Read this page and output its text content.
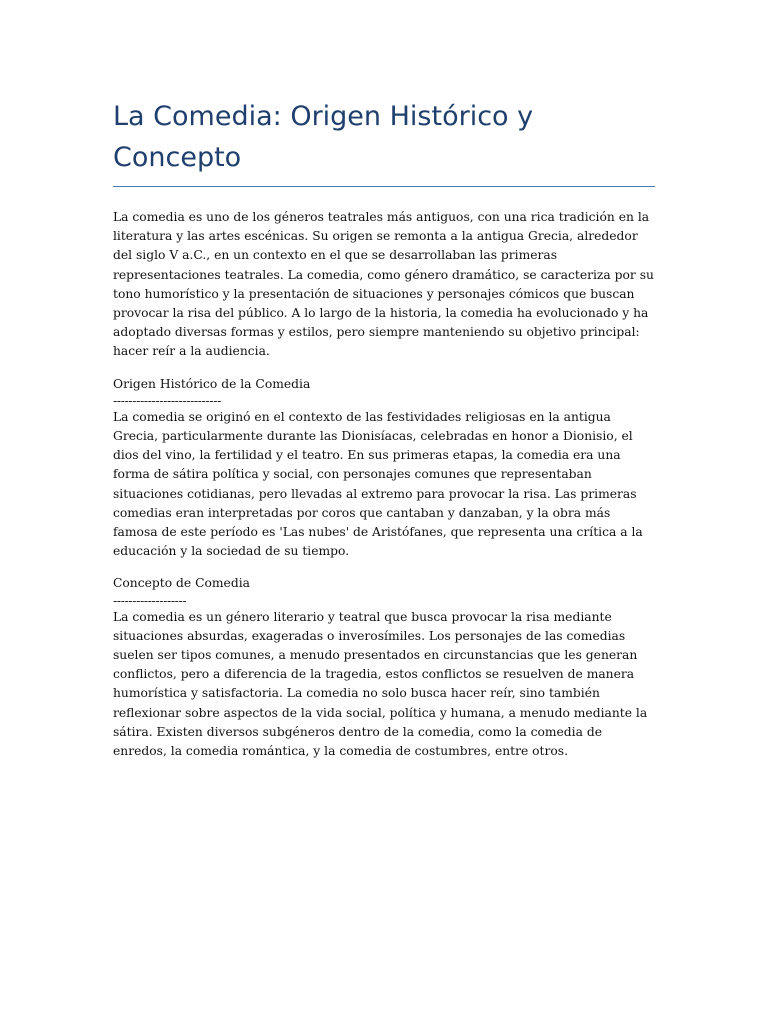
La Comedia: Origen Histórico y Concepto

La comedia es uno de los géneros teatrales más antiguos, con una rica tradición en la literatura y las artes escénicas. Su origen se remonta a la antigua Grecia, alrededor del siglo V a.C., en un contexto en el que se desarrollaban las primeras representaciones teatrales. La comedia, como género dramático, se caracteriza por su tono humorístico y la presentación de situaciones y personajes cómicos que buscan provocar la risa del público. A lo largo de la historia, la comedia ha evolucionado y ha adoptado diversas formas y estilos, pero siempre manteniendo su objetivo principal: hacer reír a la audiencia.

Origen Histórico de la Comedia

----------------------------

La comedia se originó en el contexto de las festividades religiosas en la antigua Grecia, particularmente durante las Dionisíacas, celebradas en honor a Dionisio, el dios del vino, la fertilidad y el teatro. En sus primeras etapas, la comedia era una forma de sátira política y social, con personajes comunes que representaban situaciones cotidianas, pero llevadas al extremo para provocar la risa. Las primeras comedias eran interpretadas por coros que cantaban y danzaban, y la obra más famosa de este período es 'Las nubes' de Aristófanes, que representa una crítica a la educación y la sociedad de su tiempo.

Concepto de Comedia

-------------------

La comedia es un género literario y teatral que busca provocar la risa mediante situaciones absurdas, exageradas o inverosímiles. Los personajes de las comedias suelen ser tipos comunes, a menudo presentados en circunstancias que les generan conflictos, pero a diferencia de la tragedia, estos conflictos se resuelven de manera humorística y satisfactoria. La comedia no solo busca hacer reír, sino también reflexionar sobre aspectos de la vida social, política y humana, a menudo mediante la sátira. Existen diversos subgéneros dentro de la comedia, como la comedia de enredos, la comedia romántica, y la comedia de costumbres, entre otros.
